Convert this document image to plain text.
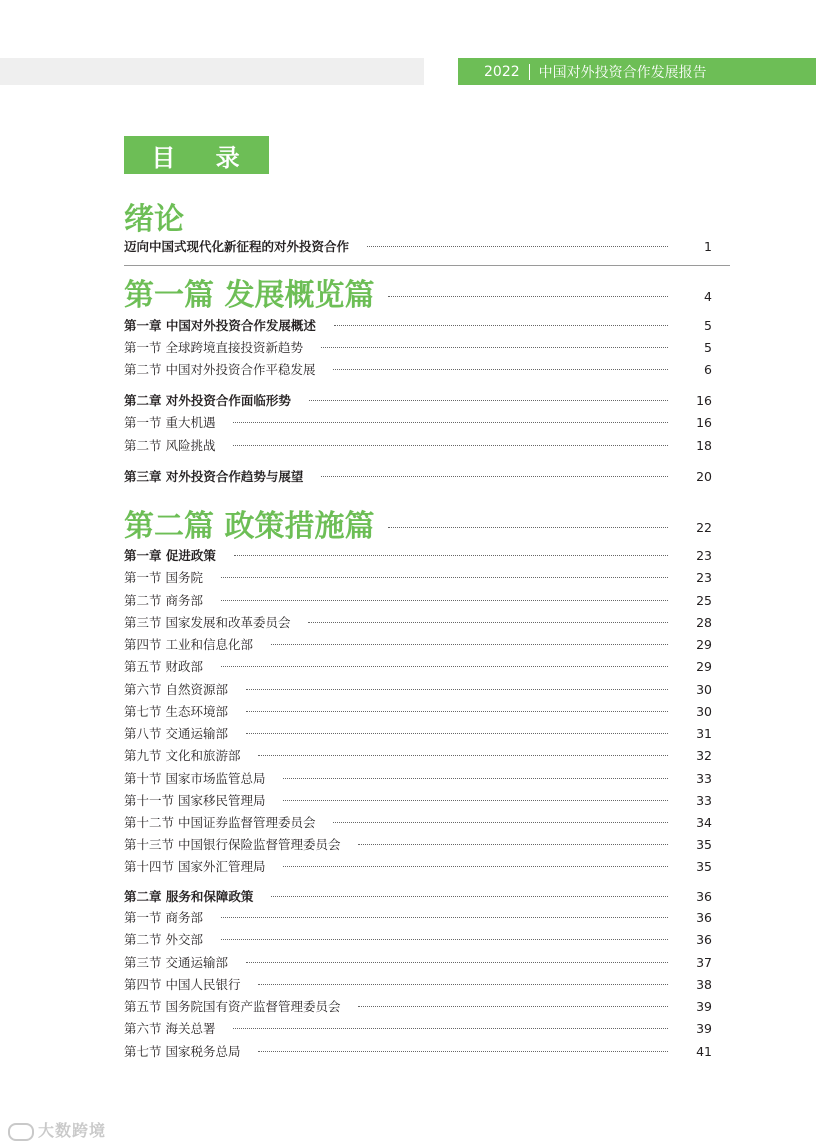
2022 中国对外投资合作发展报告
目 录
绪论
迈向中国式现代化新征程的对外投资合作	1
第一篇 发展概览篇	4
第一章 中国对外投资合作发展概述	5
第一节 全球跨境直接投资新趋势	5
第二节 中国对外投资合作平稳发展	6
第二章 对外投资合作面临形势	16
第一节 重大机遇	16
第二节 风险挑战	18
第三章 对外投资合作趋势与展望	20
第二篇 政策措施篇	22
第一章 促进政策	23
第一节 国务院	23
第二节 商务部	25
第三节 国家发展和改革委员会	28
第四节 工业和信息化部	29
第五节 财政部	29
第六节 自然资源部	30
第七节 生态环境部	30
第八节 交通运输部	31
第九节 文化和旅游部	32
第十节 国家市场监管总局	33
第十一节 国家移民管理局	33
第十二节 中国证券监督管理委员会	34
第十三节 中国银行保险监督管理委员会	35
第十四节 国家外汇管理局	35
第二章 服务和保障政策	36
第一节 商务部	36
第二节 外交部	36
第三节 交通运输部	37
第四节 中国人民银行	38
第五节 国务院国有资产监督管理委员会	39
第六节 海关总署	39
第七节 国家税务总局	41
大数跨境
